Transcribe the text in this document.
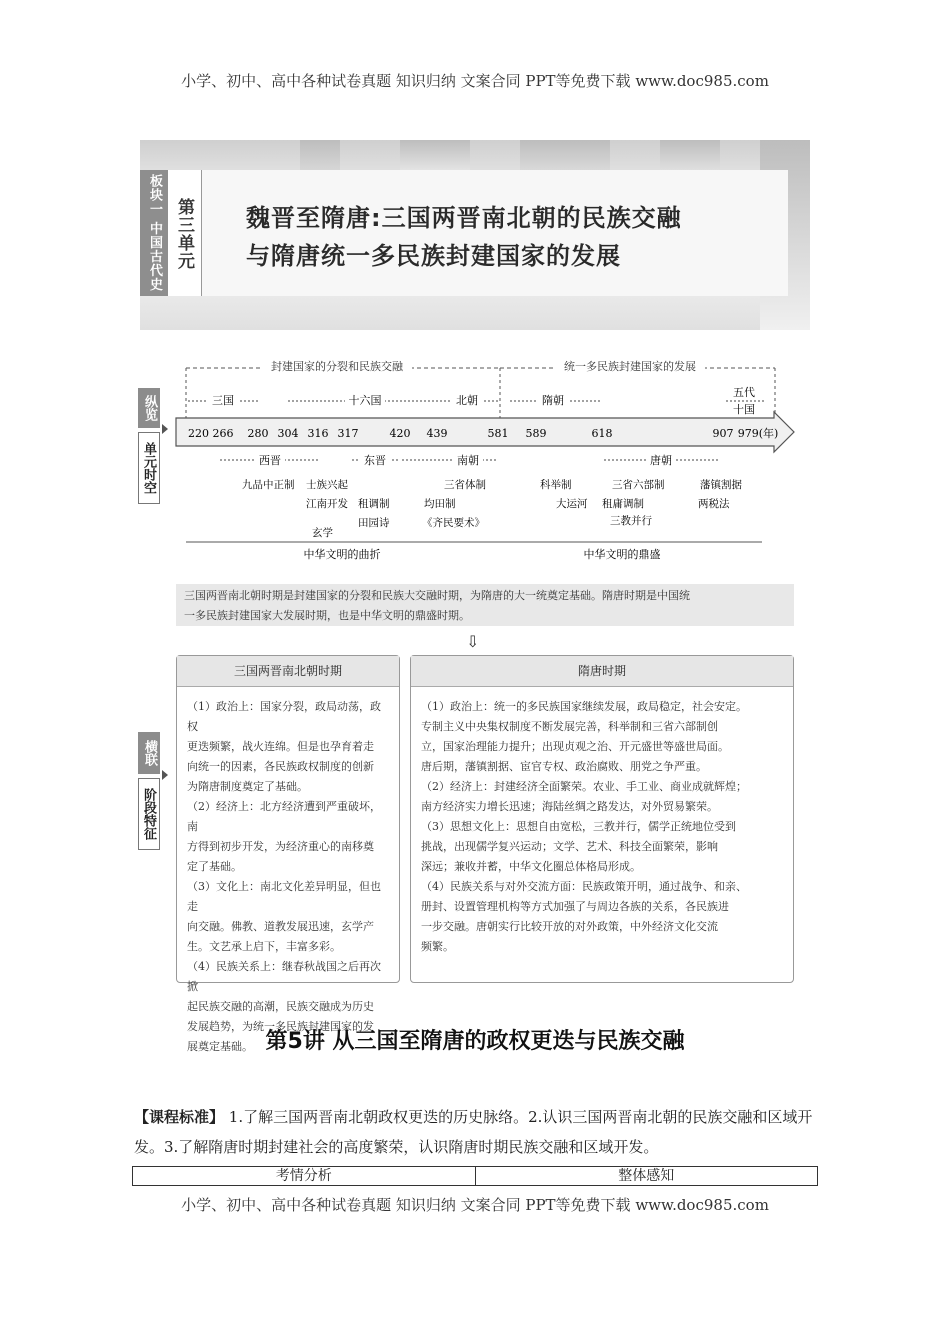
小学、初中、高中各种试卷真题 知识归纳 文案合同 PPT等免费下载 www.doc985.com
板块一 中国古代史 第三单元	魏晋至隋唐:三国两晋南北朝的民族交融
与隋唐统一多民族封建国家的发展
纵览
单元时空
横联
阶段特征
封建国家的分裂和民族交融	统一多民族封建国家的发展
三国	十六国	北朝	隋朝
五代
十国
220 266 280 304 316 317	420 439	581 589	618	907 979(年)
西晋	东晋	南朝	唐朝
九品中正制 士族兴起
江南开发 租调制
田园诗
玄学
三省体制
均田制
《齐民要术》
科举制
大运河
三省六部制
租庸调制
三教并行
藩镇割据
两税法
中华文明的曲折	中华文明的鼎盛
三国两晋南北朝时期是封建国家的分裂和民族大交融时期，为隋唐的大一统奠定基础。隋唐时期是中国统
一多民族封建国家大发展时期，也是中华文明的鼎盛时期。
⇩
三国两晋南北朝时期

（1）政治上：国家分裂，政局动荡，政权

更迭频繁，战火连绵。但是也孕育着走

向统一的因素，各民族政权制度的创新

为隋唐制度奠定了基础。

（2）经济上：北方经济遭到严重破坏，南

方得到初步开发，为经济重心的南移奠

定了基础。

（3）文化上：南北文化差异明显，但也走

向交融。佛教、道教发展迅速，玄学产

生。文艺承上启下，丰富多彩。

（4）民族关系上：继春秋战国之后再次掀

起民族交融的高潮，民族交融成为历史

发展趋势，为统一多民族封建国家的发

展奠定基础。

隋唐时期

（1）政治上：统一的多民族国家继续发展，政局稳定，社会安定。

专制主义中央集权制度不断发展完善，科举制和三省六部制创

立，国家治理能力提升；出现贞观之治、开元盛世等盛世局面。

唐后期，藩镇割据、宦官专权、政治腐败、朋党之争严重。

（2）经济上：封建经济全面繁荣。农业、手工业、商业成就辉煌；

南方经济实力增长迅速；海陆丝绸之路发达，对外贸易繁荣。

（3）思想文化上：思想自由宽松，三教并行，儒学正统地位受到

挑战，出现儒学复兴运动；文学、艺术、科技全面繁荣，影响

深远；兼收并蓄，中华文化圈总体格局形成。

（4）民族关系与对外交流方面：民族政策开明，通过战争、和亲、

册封、设置管理机构等方式加强了与周边各族的关系，各民族进

一步交融。唐朝实行比较开放的对外政策，中外经济文化交流

频繁。

第5讲 从三国至隋唐的政权更迭与民族交融
【课程标准】 1.了解三国两晋南北朝政权更迭的历史脉络。2.认识三国两晋南北朝的民族交融和区域开发。3.了解隋唐时期封建社会的高度繁荣，认识隋唐时期民族交融和区域开发。
考情分析	整体感知
小学、初中、高中各种试卷真题 知识归纳 文案合同 PPT等免费下载 www.doc985.com
